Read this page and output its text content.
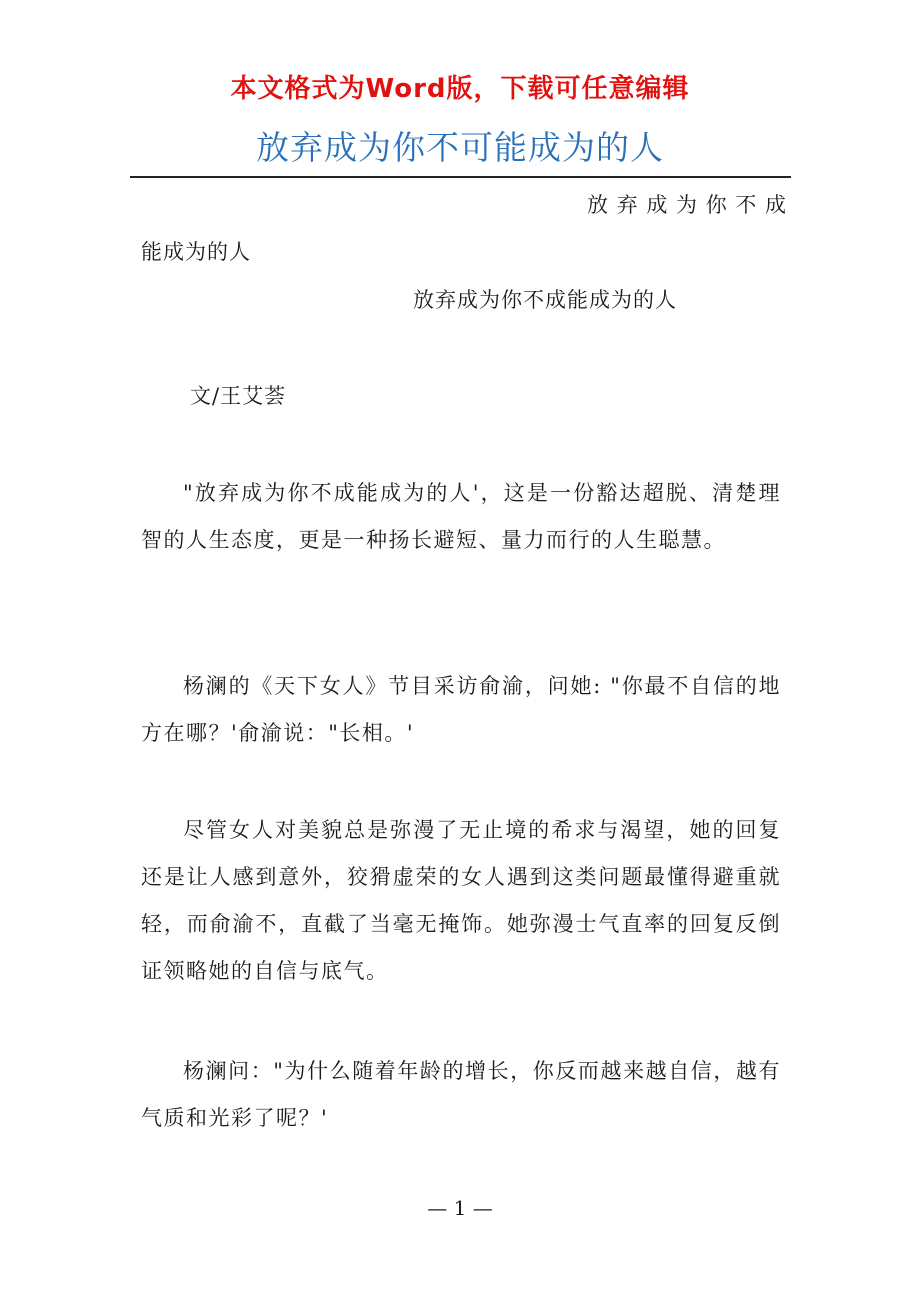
本文格式为Word版，下载可任意编辑
放弃成为你不可能成为的人
放 弃 成 为 你 不 成
能成为的人
放弃成为你不成能成为的人
文/王艾荟
"放弃成为你不成能成为的人'，这是一份豁达超脱、清楚理智的人生态度，更是一种扬长避短、量力而行的人生聪慧。
杨澜的《天下女人》节目采访俞渝，问她: "你最不自信的地方在哪？'俞渝说："长相。'
尽管女人对美貌总是弥漫了无止境的希求与渴望，她的回复还是让人感到意外，狡猾虚荣的女人遇到这类问题最懂得避重就轻，而俞渝不，直截了当毫无掩饰。她弥漫士气直率的回复反倒证领略她的自信与底气。
杨澜问："为什么随着年龄的增长，你反而越来越自信，越有气质和光彩了呢？'
— 1 —
